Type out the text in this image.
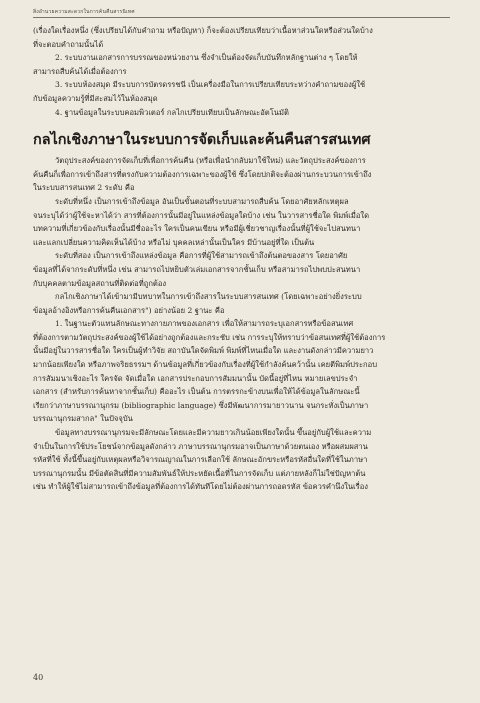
สิ่งอำนวยความสะดวกในการค้นคืนสารนิเทศ
(เรื่องใดเรื่องหนึ่ง (ซึ่งเปรียบได้กับคำถาม หรือปัญหา) ก็จะต้องเปรียบเทียบว่าเนื้อหาส่วนใดหรือส่วนใดบ้าง
ที่จะตอบคำถามนั้นได้
2. ระบบงานเอกสารการบรรณของหน่วยงาน ซึ่งจำเป็นต้องจัดเก็บบันทึกหลักฐานต่าง ๆ โดยให้
สามารถสืบค้นได้เมื่อต้องการ
3. ระบบห้องสมุด มีระบบการบัตรดรรชนี เป็นเครื่องมือในการเปรียบเทียบระหว่างคำถามของผู้ใช้
กับข้อมูลความรู้ที่มีสะสมไว้ในห้องสมุด
4. ฐานข้อมูลในระบบคอมพิวเตอร์ กลไกเปรียบเทียบเป็นลักษณะอัตโนมัติ
กลไกเชิงภาษาในระบบการจัดเก็บและค้นคืนสารสนเทศ
วัตถุประสงค์ของการจัดเก็บที่เพื่อการค้นคืน (หรือเพื่อนำกลับมาใช้ใหม่) และวัตถุประสงค์ของการ
ค้นคืนก็เพื่อการเข้าถึงสารที่ตรงกับความต้องการเฉพาะของผู้ใช้ ซึ่งโดยปกติจะต้องผ่านกระบวนการเข้าถึง
ในระบบสารสนเทศ 2 ระดับ คือ
ระดับที่หนึ่ง เป็นการเข้าถึงข้อมูล อันเป็นขั้นตอนที่ระบบสามารถสืบค้น โดยอาศัยหลักเหตุผล
จนระบุได้ว่าผู้ใช้จะหาได้ว่า สารที่ต้องการนั้นมีอยู่ในแหล่งข้อมูลใดบ้าง เช่น ในวารสารชื่อใด พิมพ์เมื่อใด
บทความที่เกี่ยวข้องกับเรื่องนั้นมีชื่ออะไร ใครเป็นคนเขียน หรือมีผู้เชี่ยวชาญเรื่องนั้นที่ผู้ใช้จะไปสนทนา
และแลกเปลี่ยนความคิดเห็นได้บ้าง หรือไม่ บุคคลเหล่านั้นเป็นใคร มีบ้านอยู่ที่ใด เป็นต้น
ระดับที่สอง เป็นการเข้าถึงแหล่งข้อมูล คือการที่ผู้ใช้สามารถเข้าถึงต้นตอของสาร โดยอาศัย
ข้อมูลที่ได้จากระดับที่หนึ่ง เช่น สามารถไปหยิบตัวเล่มเอกสารจากชั้นเก็บ หรือสามารถไปพบปะสนทนา
กับบุคคลตามข้อมูลสถานที่ติดต่อที่ถูกต้อง
กลไกเชิงภาษาได้เข้ามามีบทบาทในการเข้าถึงสารในระบบสารสนเทศ (โดยเฉพาะอย่างยิ่งระบบ
ข้อมูลอ้างอิงหรือการค้นคืนเอกสาร") อย่างน้อย 2 ฐานะ คือ
1. ในฐานะตัวแทนลักษณะทางกายภาพของเอกสาร เพื่อให้สามารถระบุเอกสารหรือข้อสนเทศ
ที่ต้องการตามวัตถุประสงค์ของผู้ใช้ได้อย่างถูกต้องและกระชับ เช่น การระบุให้ทราบว่าข้อสนเทศที่ผู้ใช้ต้องการ
นั้นมีอยู่ในวารสารชื่อใด ใครเป็นผู้ทำวิจัย สถาบันใดจัดพิมพ์ พิมพ์ที่ไหนเมื่อใด และงานดังกล่าวมีความยาว
มากน้อยเพียงใด หรือภาพจริยธรรมฯ ด้านข้อมูลที่เกี่ยวข้องกับเรื่องที่ผู้ใช้กำลังค้นคว้านั้น เคยตีพิมพ์ประกอบ
การสัมมนาเชิงอะไร ใครจัด จัดเมื่อใด เอกสารประกอบการสัมมนานั้น บัดนี้อยู่ที่ไหน หมายเลขประจำ
เอกสาร (สำหรับการค้นหาจากชั้นเก็บ) คืออะไร เป็นต้น การตรรกะข้างบนเพื่อให้ได้ข้อมูลในลักษณะนี้
เรียกว่าภาษาบรรณานุกรม (bibliographic language) ซึ่งมีพัฒนาการมายาวนาน จนกระทั่งเป็นภาษา
บรรณานุกรมสากล" ในปัจจุบัน
ข้อมูลทางบรรณานุกรมจะมีลักษณะโดยและมีความยาวเกินน้อยเพียงใดนั้น ขึ้นอยู่กับผู้ใช้และความ
จำเป็นในการใช้ประโยชน์จากข้อมูลดังกล่าว ภาษาบรรณานุกรมอาจเป็นภาษาด้วยตนเอง หรือผสมผสาน
รหัสที่ใช้ ทั้งนี้ขึ้นอยู่กับเหตุผลหรือวิจารณญาณในการเลือกใช้ ลักษณะอักขระหรือรหัสอื่นใดที่ใช้ในภาษา
บรรณานุกรมนั้น มีข้อตัดสินที่มีความสัมพันธ์ให้ประหยัดเนื้อที่ในการจัดเก็บ แต่ภายหลังก็ไม่ใช่ปัญหาต้น
เช่น ทำให้ผู้ใช้ไม่สามารถเข้าถึงข้อมูลที่ต้องการได้ทันทีโดยไม่ต้องผ่านการถอดรหัส ข้อควรคำนึงในเรื่อง
40
